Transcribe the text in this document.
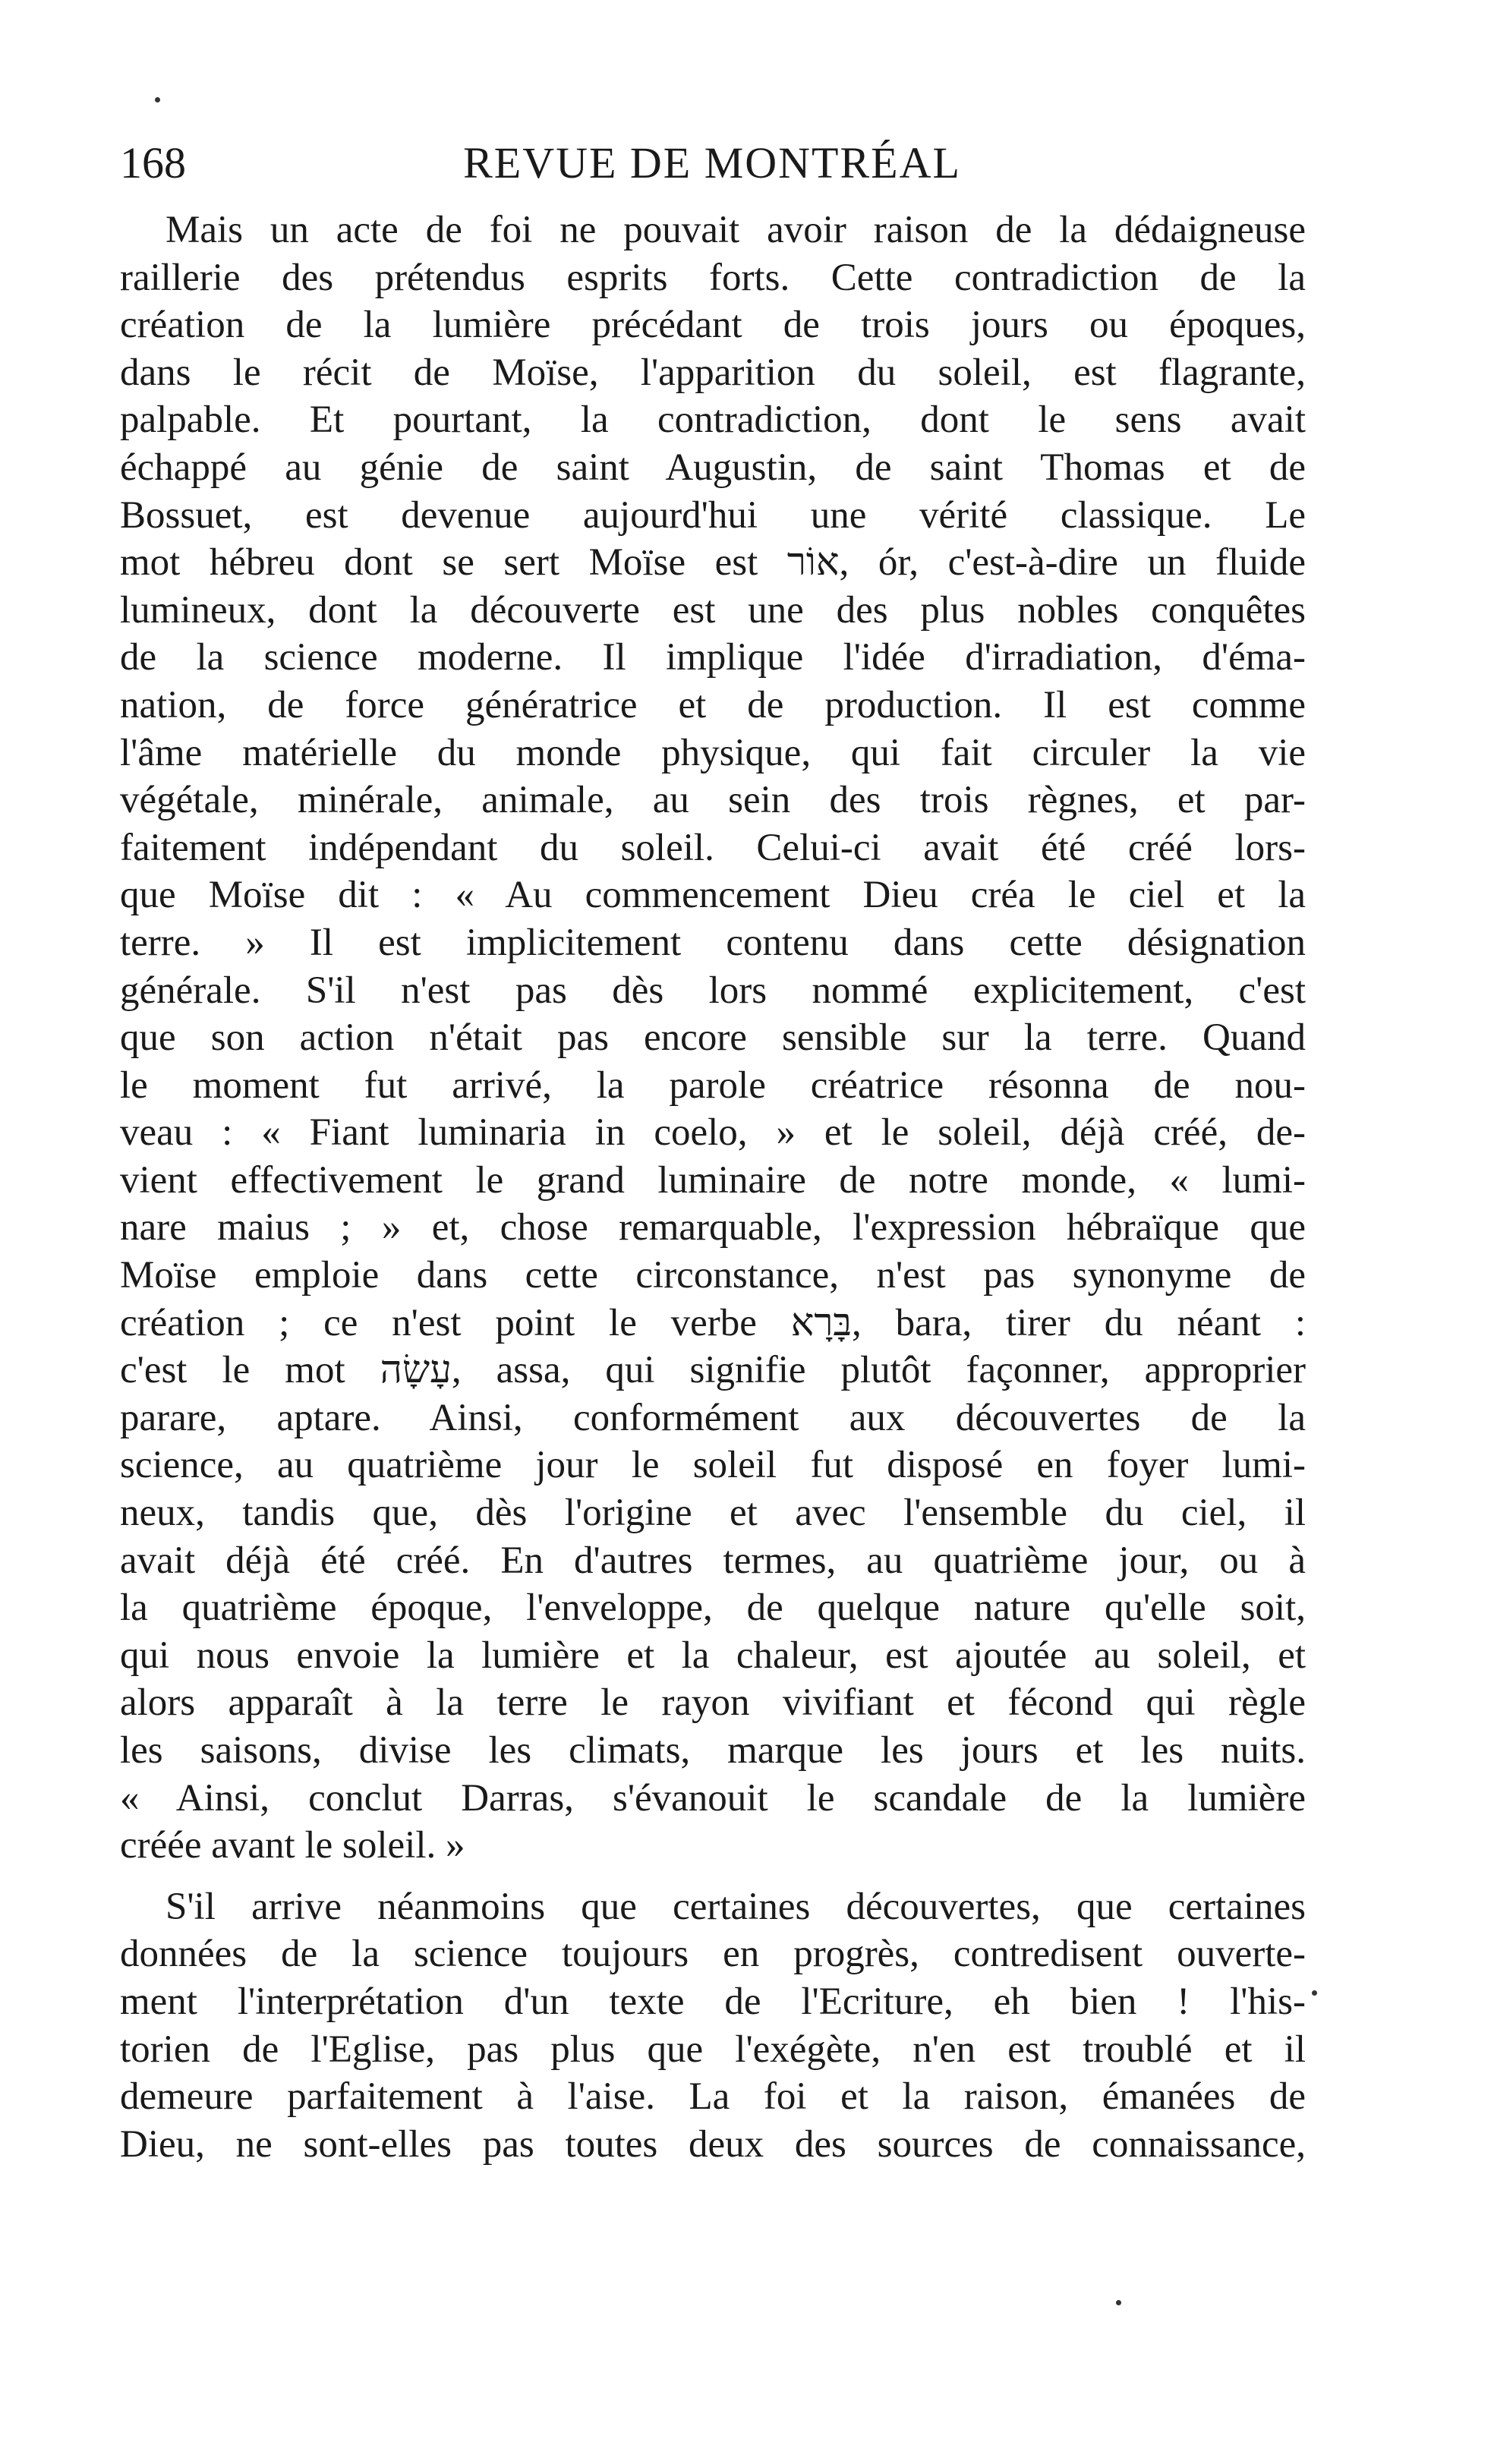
168	REVUE DE MONTRÉAL
Mais un acte de foi ne pouvait avoir raison de la dédaigneuse
raillerie des prétendus esprits forts. Cette contradiction de la
création de la lumière précédant de trois jours ou époques,
dans le récit de Moïse, l'apparition du soleil, est flagrante,
palpable. Et pourtant, la contradiction, dont le sens avait
échappé au génie de saint Augustin, de saint Thomas et de
Bossuet, est devenue aujourd'hui une vérité classique. Le
mot hébreu dont se sert Moïse est אוֹר, ór, c'est-à-dire un fluide
lumineux, dont la découverte est une des plus nobles conquêtes
de la science moderne. Il implique l'idée d'irradiation, d'éma-
nation, de force génératrice et de production. Il est comme
l'âme matérielle du monde physique, qui fait circuler la vie
végétale, minérale, animale, au sein des trois règnes, et par-
faitement indépendant du soleil. Celui-ci avait été créé lors-
que Moïse dit : « Au commencement Dieu créa le ciel et la
terre. » Il est implicitement contenu dans cette désignation
générale. S'il n'est pas dès lors nommé explicitement, c'est
que son action n'était pas encore sensible sur la terre. Quand
le moment fut arrivé, la parole créatrice résonna de nou-
veau : « Fiant luminaria in coelo, » et le soleil, déjà créé, de-
vient effectivement le grand luminaire de notre monde, « lumi-
nare maius ; » et, chose remarquable, l'expression hébraïque que
Moïse emploie dans cette circonstance, n'est pas synonyme de
création ; ce n'est point le verbe בָּרָא, bara, tirer du néant :
c'est le mot עָשָׂה, assa, qui signifie plutôt façonner, approprier
parare, aptare. Ainsi, conformément aux découvertes de la
science, au quatrième jour le soleil fut disposé en foyer lumi-
neux, tandis que, dès l'origine et avec l'ensemble du ciel, il
avait déjà été créé. En d'autres termes, au quatrième jour, ou à
la quatrième époque, l'enveloppe, de quelque nature qu'elle soit,
qui nous envoie la lumière et la chaleur, est ajoutée au soleil, et
alors apparaît à la terre le rayon vivifiant et fécond qui règle
les saisons, divise les climats, marque les jours et les nuits.
« Ainsi, conclut Darras, s'évanouit le scandale de la lumière
créée avant le soleil. »
S'il arrive néanmoins que certaines découvertes, que certaines
données de la science toujours en progrès, contredisent ouverte-
ment l'interprétation d'un texte de l'Ecriture, eh bien ! l'his-
torien de l'Eglise, pas plus que l'exégète, n'en est troublé et il
demeure parfaitement à l'aise. La foi et la raison, émanées de
Dieu, ne sont-elles pas toutes deux des sources de connaissance,
